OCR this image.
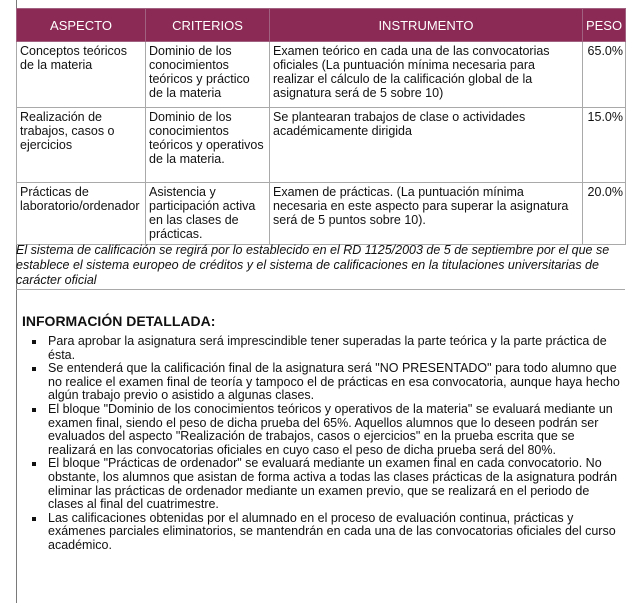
ASPECTO	CRITERIOS	INSTRUMENTO	PESO
Conceptos teóricos de la materia	Dominio de los conocimientos teóricos y práctico de la materia	Examen teórico en cada una de las convocatorias oficiales (La puntuación mínima necesaria para realizar el cálculo de la calificación global de la asignatura será de 5 sobre 10)	65.0%
Realización de trabajos, casos o ejercicios	Dominio de los conocimientos teóricos y operativos de la materia.	Se plantearan trabajos de clase o actividades académicamente dirigida	15.0%
Prácticas de laboratorio/ordenador	Asistencia y participación activa en las clases de prácticas.	Examen de prácticas. (La puntuación mínima necesaria en este aspecto para superar la asignatura será de 5 puntos sobre 10).	20.0%
El sistema de calificación se regirá por lo establecido en el RD 1125/2003 de 5 de septiembre por el que se establece el sistema europeo de créditos y el sistema de calificaciones en la titulaciones universitarias de carácter oficial
INFORMACIÓN DETALLADA:
Para aprobar la asignatura será imprescindible tener superadas la parte teórica y la parte práctica de ésta.
Se entenderá que la calificación final de la asignatura será "NO PRESENTADO" para todo alumno que no realice el examen final de teoría y tampoco el de prácticas en esa convocatoria, aunque haya hecho algún trabajo previo o asistido a algunas clases.
El bloque "Dominio de los conocimientos teóricos y operativos de la materia" se evaluará mediante un examen final, siendo el peso de dicha prueba del 65%. Aquellos alumnos que lo deseen podrán ser evaluados del aspecto "Realización de trabajos, casos o ejercicios" en la prueba escrita que se realizará en las convocatorias oficiales en cuyo caso el peso de dicha prueba será del 80%.
El bloque "Prácticas de ordenador" se evaluará mediante un examen final en cada convocatorio. No obstante, los alumnos que asistan de forma activa a todas las clases prácticas de la asignatura podrán eliminar las prácticas de ordenador mediante un examen previo, que se realizará en el periodo de clases al final del cuatrimestre.
Las calificaciones obtenidas por el alumnado en el proceso de evaluación continua, prácticas y exámenes parciales eliminatorios, se mantendrán en cada una de las convocatorias oficiales del curso académico.
